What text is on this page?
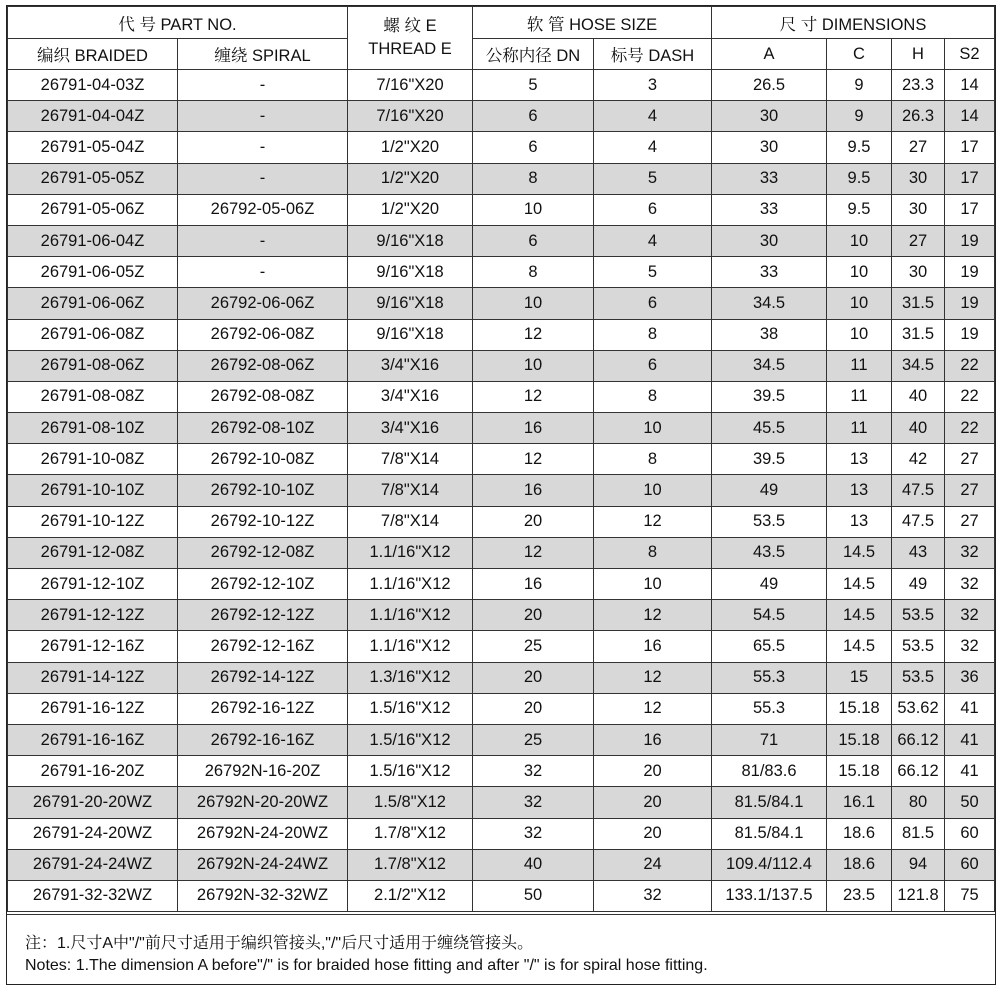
代 号 PART NO.		螺 纹 E
THREAD E	软 管 HOSE SIZE		尺 寸 DIMENSIONS			
编织 BRAIDED	缠绕 SPIRAL		公称内径 DN	标号 DASH	A	C	H	S2
26791-04-03Z	-	7/16"X20	5	3	26.5	9	23.3	14
26791-04-04Z	-	7/16"X20	6	4	30	9	26.3	14
26791-05-04Z	-	1/2"X20	6	4	30	9.5	27	17
26791-05-05Z	-	1/2"X20	8	5	33	9.5	30	17
26791-05-06Z	26792-05-06Z	1/2"X20	10	6	33	9.5	30	17
26791-06-04Z	-	9/16"X18	6	4	30	10	27	19
26791-06-05Z	-	9/16"X18	8	5	33	10	30	19
26791-06-06Z	26792-06-06Z	9/16"X18	10	6	34.5	10	31.5	19
26791-06-08Z	26792-06-08Z	9/16"X18	12	8	38	10	31.5	19
26791-08-06Z	26792-08-06Z	3/4"X16	10	6	34.5	11	34.5	22
26791-08-08Z	26792-08-08Z	3/4"X16	12	8	39.5	11	40	22
26791-08-10Z	26792-08-10Z	3/4"X16	16	10	45.5	11	40	22
26791-10-08Z	26792-10-08Z	7/8"X14	12	8	39.5	13	42	27
26791-10-10Z	26792-10-10Z	7/8"X14	16	10	49	13	47.5	27
26791-10-12Z	26792-10-12Z	7/8"X14	20	12	53.5	13	47.5	27
26791-12-08Z	26792-12-08Z	1.1/16"X12	12	8	43.5	14.5	43	32
26791-12-10Z	26792-12-10Z	1.1/16"X12	16	10	49	14.5	49	32
26791-12-12Z	26792-12-12Z	1.1/16"X12	20	12	54.5	14.5	53.5	32
26791-12-16Z	26792-12-16Z	1.1/16"X12	25	16	65.5	14.5	53.5	32
26791-14-12Z	26792-14-12Z	1.3/16"X12	20	12	55.3	15	53.5	36
26791-16-12Z	26792-16-12Z	1.5/16"X12	20	12	55.3	15.18	53.62	41
26791-16-16Z	26792-16-16Z	1.5/16"X12	25	16	71	15.18	66.12	41
26791-16-20Z	26792N-16-20Z	1.5/16"X12	32	20	81/83.6	15.18	66.12	41
26791-20-20WZ	26792N-20-20WZ	1.5/8"X12	32	20	81.5/84.1	16.1	80	50
26791-24-20WZ	26792N-24-20WZ	1.7/8"X12	32	20	81.5/84.1	18.6	81.5	60
26791-24-24WZ	26792N-24-24WZ	1.7/8"X12	40	24	109.4/112.4	18.6	94	60
26791-32-32WZ	26792N-32-32WZ	2.1/2"X12	50	32	133.1/137.5	23.5	121.8	75
注：1.尺寸A中"/"前尺寸适用于编织管接头,"/"后尺寸适用于缠绕管接头。
Notes: 1.The dimension A before"/" is for braided hose fitting and after "/" is for spiral hose fitting.
